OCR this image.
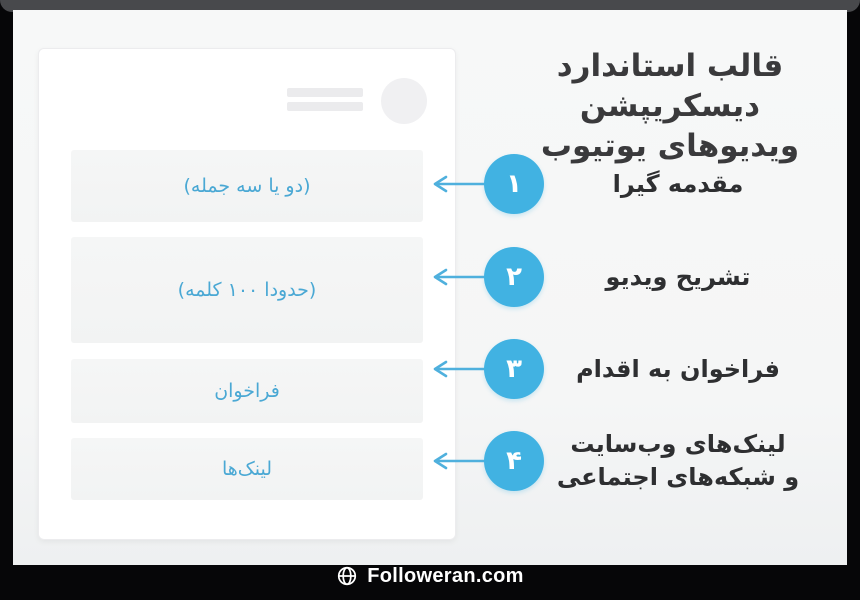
قالب استاندارد دیسکریپشن
ویدیوهای یوتیوب
(دو یا سه جمله)
(حدودا ۱۰۰ کلمه)
فراخوان
لینک‌ها
۱	مقدمه گیرا
۲	تشریح ویدیو
۳	فراخوان به اقدام
۴
لینک‌های وب‌سایت
و شبکه‌های اجتماعی
Followeran.com
